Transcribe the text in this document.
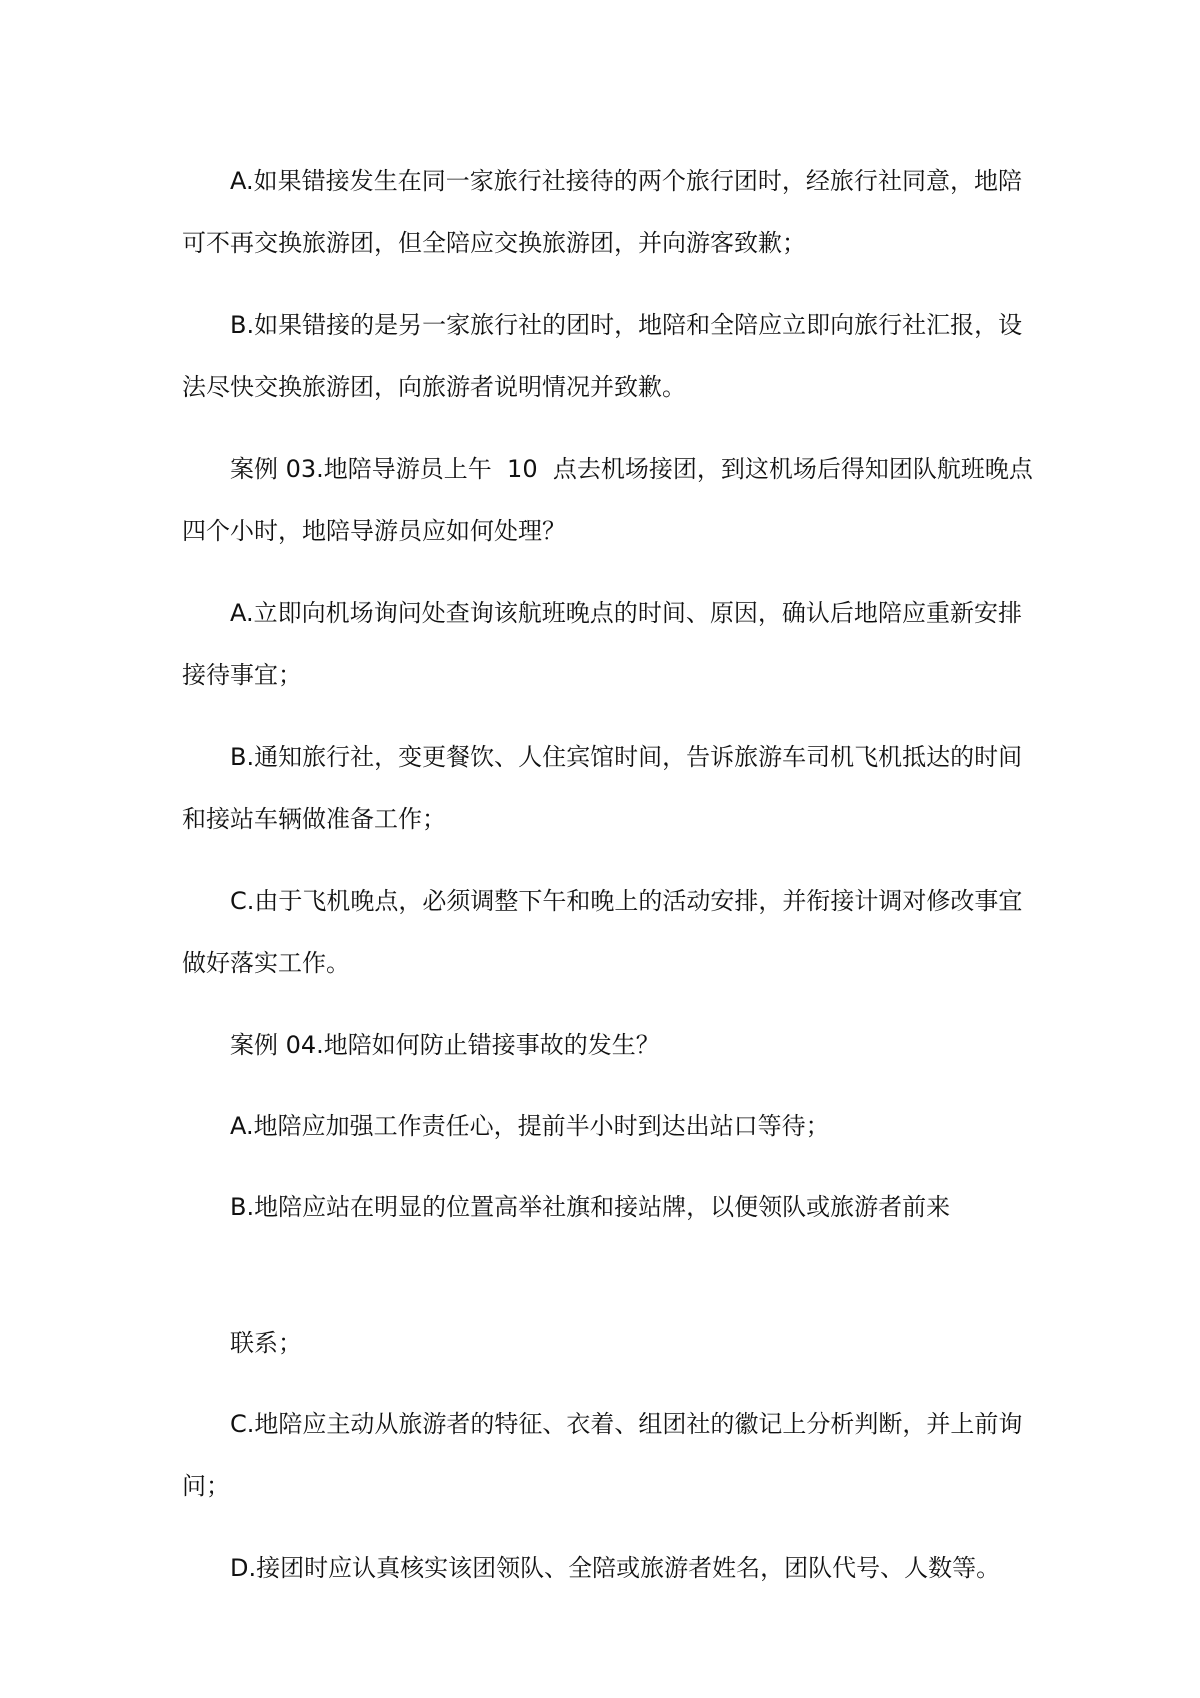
A.如果错接发生在同一家旅行社接待的两个旅行团时，经旅行社同意，地陪
可不再交换旅游团，但全陪应交换旅游团，并向游客致歉；
B.如果错接的是另一家旅行社的团时，地陪和全陪应立即向旅行社汇报，设
法尽快交换旅游团，向旅游者说明情况并致歉。
案例 03.地陪导游员上午  10  点去机场接团，到这机场后得知团队航班晚点
四个小时，地陪导游员应如何处理？
A.立即向机场询问处查询该航班晚点的时间、原因，确认后地陪应重新安排
接待事宜；
B.通知旅行社，变更餐饮、人住宾馆时间，告诉旅游车司机飞机抵达的时间
和接站车辆做准备工作；
C.由于飞机晚点，必须调整下午和晚上的活动安排，并衔接计调对修改事宜
做好落实工作。
案例 04.地陪如何防止错接事故的发生？
A.地陪应加强工作责任心，提前半小时到达出站口等待；
B.地陪应站在明显的位置高举社旗和接站牌，以便领队或旅游者前来
联系；
C.地陪应主动从旅游者的特征、衣着、组团社的徽记上分析判断，并上前询
问；
D.接团时应认真核实该团领队、全陪或旅游者姓名，团队代号、人数等。
